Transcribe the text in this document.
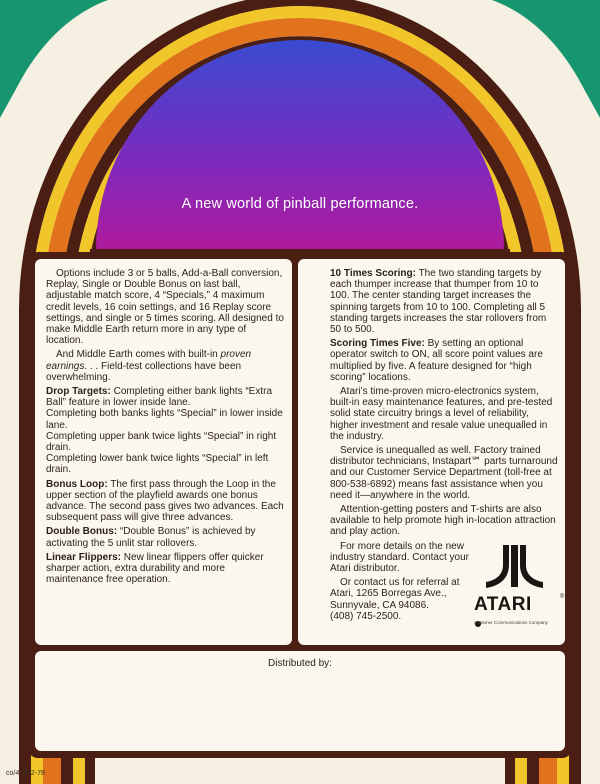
A new world of pinball performance.

Options include 3 or 5 balls, Add-a-Ball conversion, Replay, Single or Double Bonus on last ball, adjustable match score, 4 “Specials,” 4 maximum credit levels, 16 coin settings, and 16 Replay score settings, and single or 5 times scoring. All designed to make Middle Earth return more in any type of location.

And Middle Earth comes with built-in proven earnings. . . Field-test collections have been overwhelming.

Drop Targets: Completing either bank lights “Extra Ball” feature in lower inside lane.
Completing both banks lights “Special” in lower inside lane.
Completing upper bank twice lights “Special” in right drain.
Completing lower bank twice lights “Special” in left drain.

Bonus Loop: The first pass through the Loop in the upper section of the playfield awards one bonus advance. The second pass gives two advances. Each subsequent pass will give three advances.

Double Bonus: “Double Bonus” is achieved by activating the 5 unlit star rollovers.

Linear Flippers: New linear flippers offer quicker sharper action, extra durability and more maintenance free operation.

10 Times Scoring: The two standing targets by each thumper increase that thumper from 10 to 100. The center standing target increases the spinning targets from 10 to 100. Completing all 5 standing targets increases the star rollovers from 50 to 500.

Scoring Times Five: By setting an optional operator switch to ON, all score point values are multiplied by five. A feature designed for “high scoring” locations.

Atari’s time-proven micro-electronics system, built-in easy maintenance features, and pre-tested solid state circuitry brings a level of reliability, higher investment and resale value unequalled in the industry.

Service is unequalled as well. Factory trained distributor technicians, Instapart℠ parts turnaround and our Customer Service Department (toll-free at 800-538-6892) means fast assistance when you need it—anywhere in the world.

Attention-getting posters and T-shirts are also available to help promote high in-location attraction and play action.

For more details on the new
industry standard. Contact your
Atari distributor.

Or contact us for referral at
Atari, 1265 Borregas Ave.,
Sunnyvale, CA 94086.
(408) 745-2500.

ATARI	®
A Warner Communications Company
Distributed by:
co/42M/2-78
